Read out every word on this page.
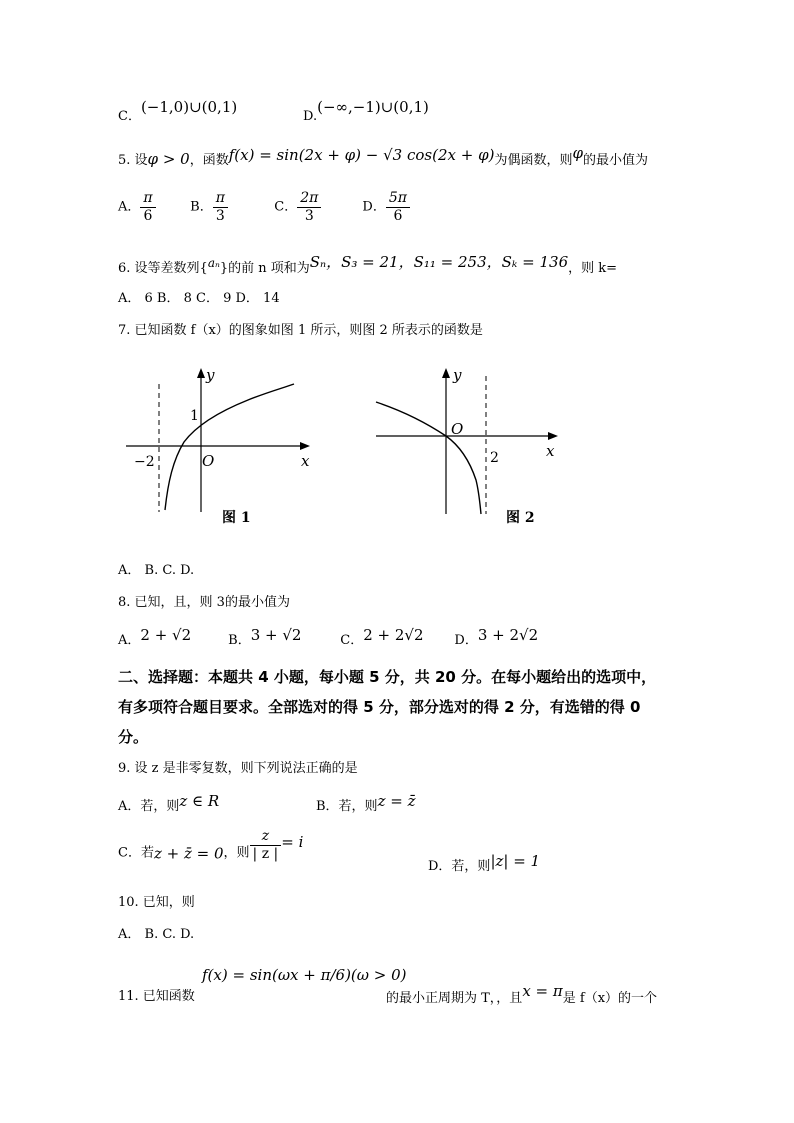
C．(−1,0)∪(0,1)
D.(−∞,−1)∪(0,1)
5. 设φ > 0，函数f(x) = sin(2x + φ) − √3 cos(2x + φ)为偶函数，则φ的最小值为
A． $\frac{\pi}{6}$	B． $\frac{\pi}{3}$	C． $\frac{2\pi}{3}$	D． $\frac{5\pi}{6}$
6. 设等差数列{aₙ}的前 n 项和为Sₙ，S₃ = 21，S₁₁ = 253，Sₖ = 136，则 k=
A． 6 B． 8 C． 9 D． 14
7. 已知函数 f（x）的图象如图 1 所示，则图 2 所表示的函数是
y
x
O
1
−2
图 1
y
x
O
2
图 2
A． B. C. D.
8. 已知，且，则 3的最小值为
A．2 + √2	B．3 + √2	C．2 + 2√2 D．3 + 2√2
二、选择题：本题共 4 小题，每小题 5 分，共 20 分。在每小题给出的选项中，
有多项符合题目要求。全部选对的得 5 分，部分选对的得 2 分，有选错的得 0
分。
9. 设 z 是非零复数，则下列说法正确的是
A．若，则z ∈ R	B．若，则z = z̄
C．若z + z̄ = 0，则 $\frac{z}{| z |} = i$
D．若，则|z| = 1
10. 已知，则
A． B. C. D.
11. 已知函数
f(x) = sin(ωx + π/6)(ω > 0)
的最小正周期为 T，，且x = π是 f（x）的一个
